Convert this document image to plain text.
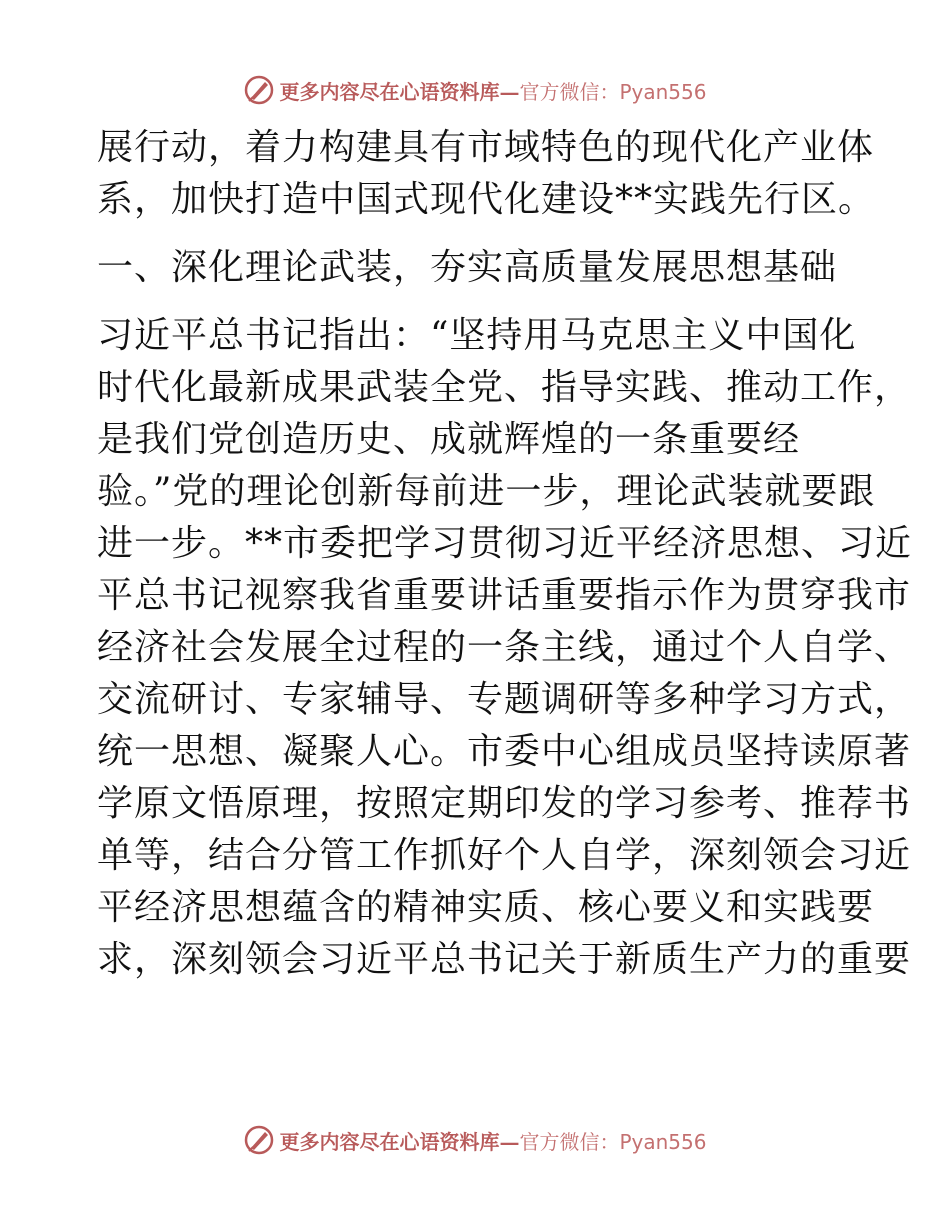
更多内容尽在心语资料库— 官方微信：Pyan556
展行动，着力构建具有市域特色的现代化产业体
系，加快打造中国式现代化建设**实践先行区。
一、深化理论武装，夯实高质量发展思想基础
习近平总书记指出：“坚持用马克思主义中国化
时代化最新成果武装全党、指导实践、推动工作，
是我们党创造历史、成就辉煌的一条重要经
验。”党的理论创新每前进一步，理论武装就要跟
进一步。**市委把学习贯彻习近平经济思想、习近
平总书记视察我省重要讲话重要指示作为贯穿我市
经济社会发展全过程的一条主线，通过个人自学、
交流研讨、专家辅导、专题调研等多种学习方式，
统一思想、凝聚人心。市委中心组成员坚持读原著
学原文悟原理，按照定期印发的学习参考、推荐书
单等，结合分管工作抓好个人自学，深刻领会习近
平经济思想蕴含的精神实质、核心要义和实践要
求，深刻领会习近平总书记关于新质生产力的重要
更多内容尽在心语资料库— 官方微信：Pyan556
